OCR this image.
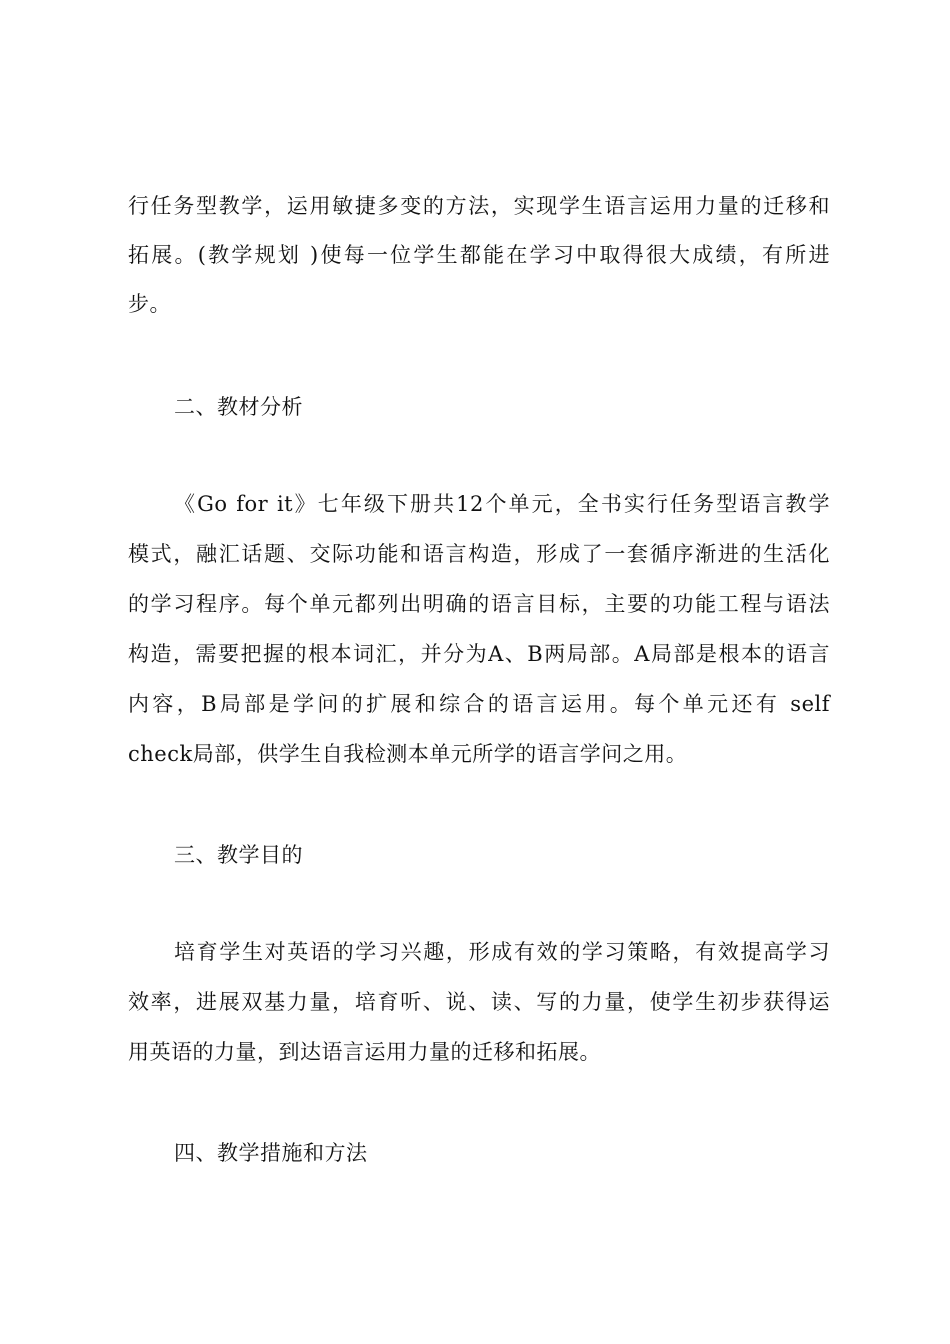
行任务型教学，运用敏捷多变的方法，实现学生语言运用力量的迁移和
拓展。(教学规划 )使每一位学生都能在学习中取得很大成绩，有所进
步。
二、教材分析
《Go for it》七年级下册共12个单元，全书实行任务型语言教学
模式，融汇话题、交际功能和语言构造，形成了一套循序渐进的生活化
的学习程序。每个单元都列出明确的语言目标，主要的功能工程与语法
构造，需要把握的根本词汇，并分为A、B两局部。A局部是根本的语言
内容，B局部是学问的扩展和综合的语言运用。每个单元还有 self
check局部，供学生自我检测本单元所学的语言学问之用。
三、教学目的
培育学生对英语的学习兴趣，形成有效的学习策略，有效提高学习
效率，进展双基力量，培育听、说、读、写的力量，使学生初步获得运
用英语的力量，到达语言运用力量的迁移和拓展。
四、教学措施和方法
